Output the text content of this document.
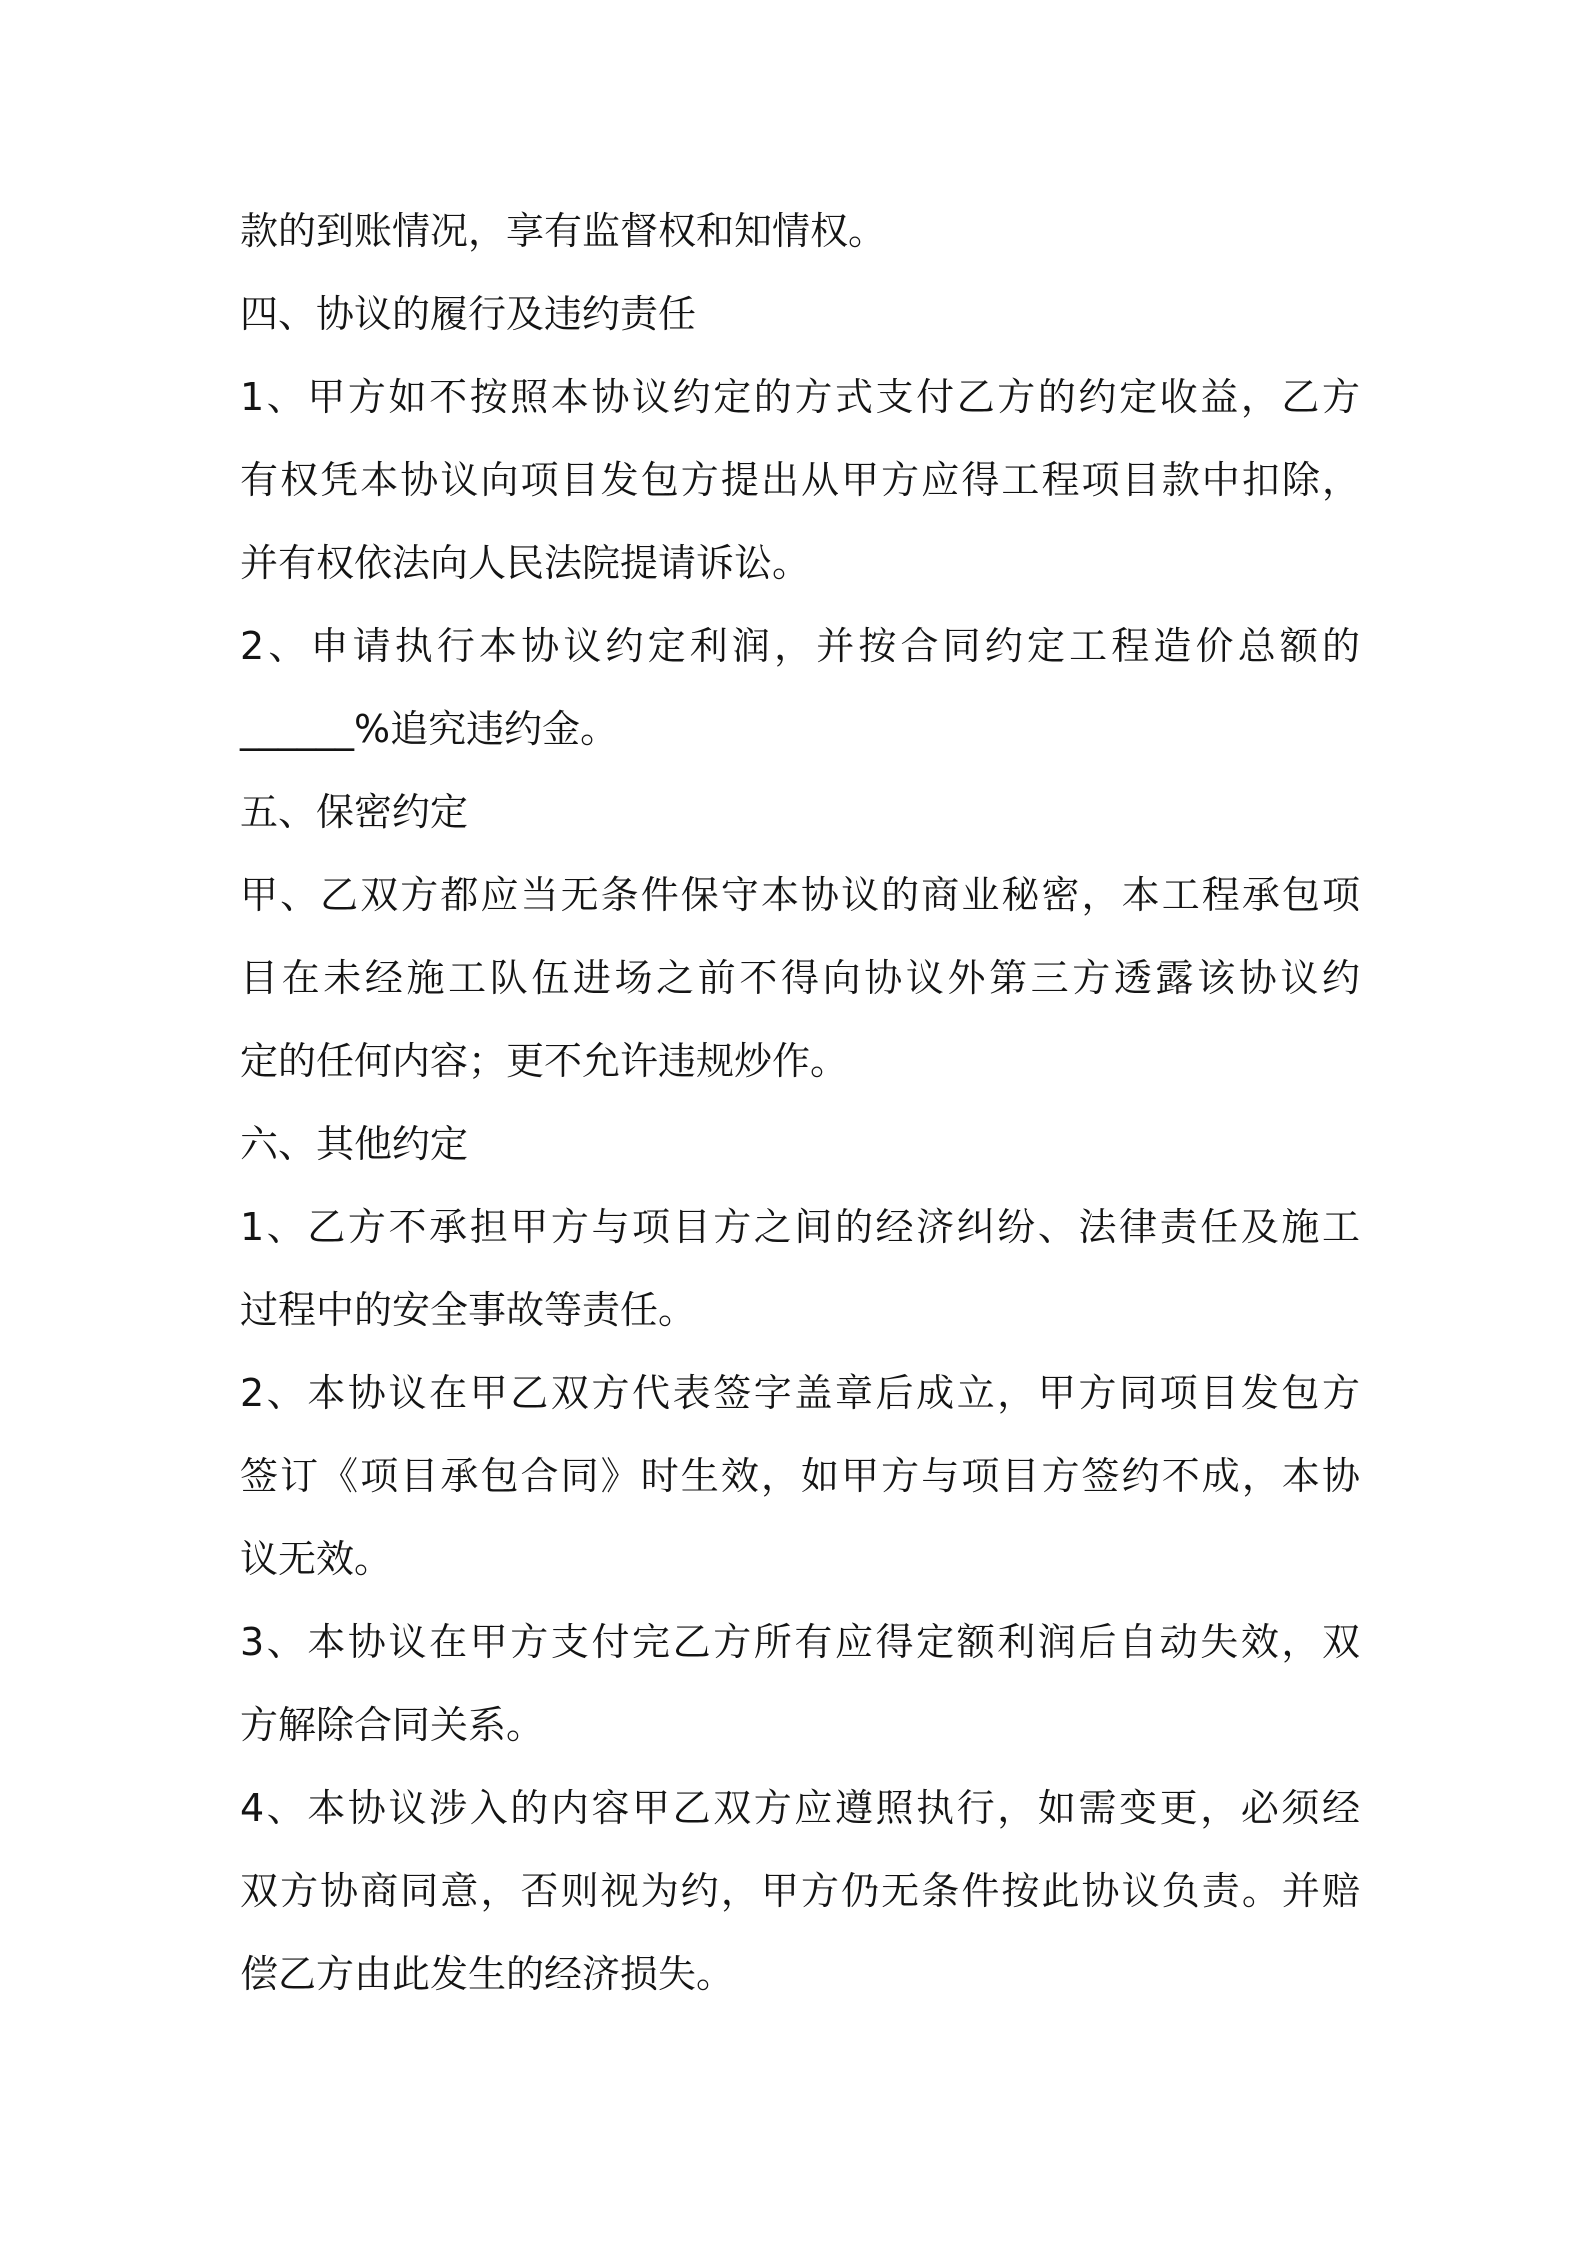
款的到账情况，享有监督权和知情权。
四、协议的履行及违约责任
1、甲方如不按照本协议约定的方式支付乙方的约定收益，乙方
有权凭本协议向项目发包方提出从甲方应得工程项目款中扣除，
并有权依法向人民法院提请诉讼。
2、申请执行本协议约定利润，并按合同约定工程造价总额的
______%追究违约金。
五、保密约定
甲、乙双方都应当无条件保守本协议的商业秘密，本工程承包项
目在未经施工队伍进场之前不得向协议外第三方透露该协议约
定的任何内容；更不允许违规炒作。
六、其他约定
1、乙方不承担甲方与项目方之间的经济纠纷、法律责任及施工
过程中的安全事故等责任。
2、本协议在甲乙双方代表签字盖章后成立，甲方同项目发包方
签订《项目承包合同》时生效，如甲方与项目方签约不成，本协
议无效。
3、本协议在甲方支付完乙方所有应得定额利润后自动失效，双
方解除合同关系。
4、本协议涉入的内容甲乙双方应遵照执行，如需变更，必须经
双方协商同意，否则视为约，甲方仍无条件按此协议负责。并赔
偿乙方由此发生的经济损失。
